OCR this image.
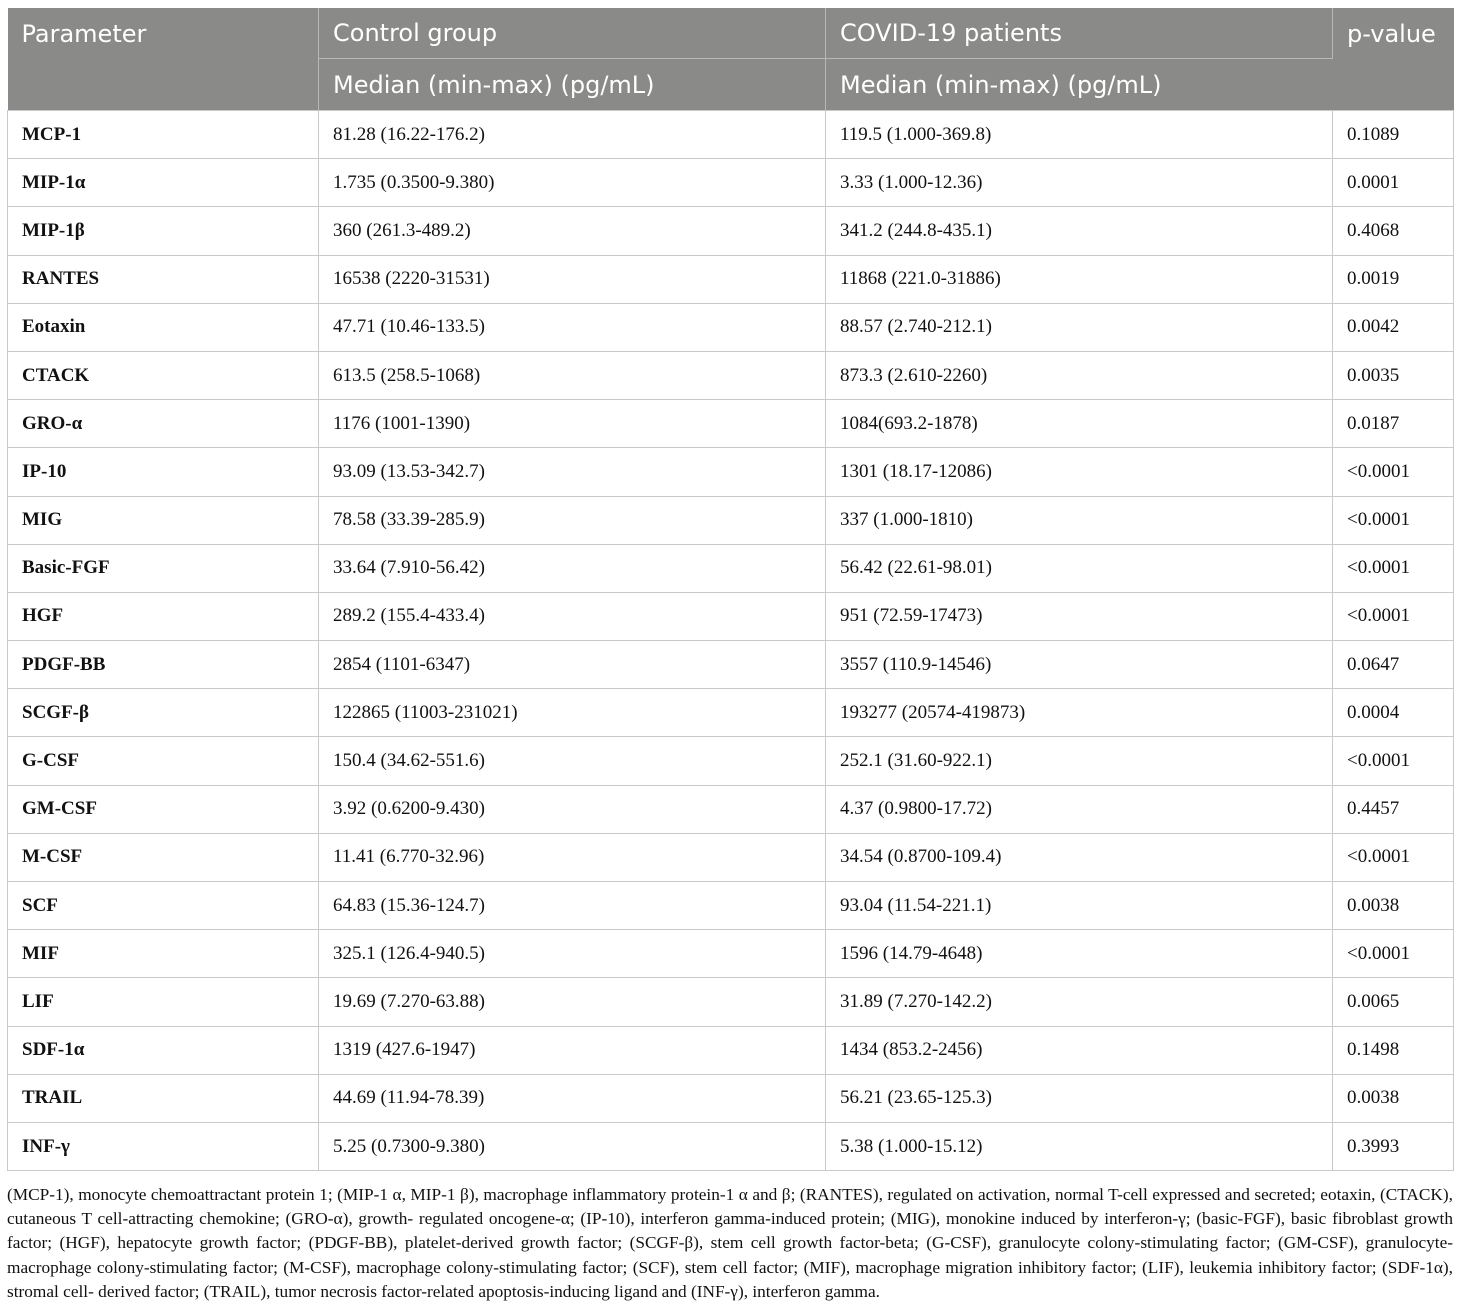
Parameter	Control group	COVID-19 patients	p-value
	Median (min-max) (pg/mL)	Median (min-max) (pg/mL)	
MCP-1	81.28 (16.22-176.2)	119.5 (1.000-369.8)	0.1089
MIP-1α	1.735 (0.3500-9.380)	3.33 (1.000-12.36)	0.0001
MIP-1β	360 (261.3-489.2)	341.2 (244.8-435.1)	0.4068
RANTES	16538 (2220-31531)	11868 (221.0-31886)	0.0019
Eotaxin	47.71 (10.46-133.5)	88.57 (2.740-212.1)	0.0042
CTACK	613.5 (258.5-1068)	873.3 (2.610-2260)	0.0035
GRO-α	1176 (1001-1390)	1084(693.2-1878)	0.0187
IP-10	93.09 (13.53-342.7)	1301 (18.17-12086)	<0.0001
MIG	78.58 (33.39-285.9)	337 (1.000-1810)	<0.0001
Basic-FGF	33.64 (7.910-56.42)	56.42 (22.61-98.01)	<0.0001
HGF	289.2 (155.4-433.4)	951 (72.59-17473)	<0.0001
PDGF-BB	2854 (1101-6347)	3557 (110.9-14546)	0.0647
SCGF-β	122865 (11003-231021)	193277 (20574-419873)	0.0004
G-CSF	150.4 (34.62-551.6)	252.1 (31.60-922.1)	<0.0001
GM-CSF	3.92 (0.6200-9.430)	4.37 (0.9800-17.72)	0.4457
M-CSF	11.41 (6.770-32.96)	34.54 (0.8700-109.4)	<0.0001
SCF	64.83 (15.36-124.7)	93.04 (11.54-221.1)	0.0038
MIF	325.1 (126.4-940.5)	1596 (14.79-4648)	<0.0001
LIF	19.69 (7.270-63.88)	31.89 (7.270-142.2)	0.0065
SDF-1α	1319 (427.6-1947)	1434 (853.2-2456)	0.1498
TRAIL	44.69 (11.94-78.39)	56.21 (23.65-125.3)	0.0038
INF-γ	5.25 (0.7300-9.380)	5.38 (1.000-15.12)	0.3993

(MCP-1), monocyte chemoattractant protein 1; (MIP-1 α, MIP-1 β), macrophage inflammatory protein-1 α and β; (RANTES), regulated on activation, normal T-cell expressed and secreted; eotaxin, (CTACK), cutaneous T cell-attracting chemokine; (GRO-α), growth- regulated oncogene-α; (IP-10), interferon gamma-induced protein; (MIG), monokine induced by interferon-γ; (basic-FGF), basic fibroblast growth factor; (HGF), hepatocyte growth factor; (PDGF-BB), platelet-derived growth factor; (SCGF-β), stem cell growth factor-beta; (G-CSF), granulocyte colony-stimulating factor; (GM-CSF), granulocyte-macrophage colony-stimulating factor; (M-CSF), macrophage colony-stimulating factor; (SCF), stem cell factor; (MIF), macrophage migration inhibitory factor; (LIF), leukemia inhibitory factor; (SDF-1α), stromal cell- derived factor; (TRAIL), tumor necrosis factor-related apoptosis-inducing ligand and (INF-γ), interferon gamma.
